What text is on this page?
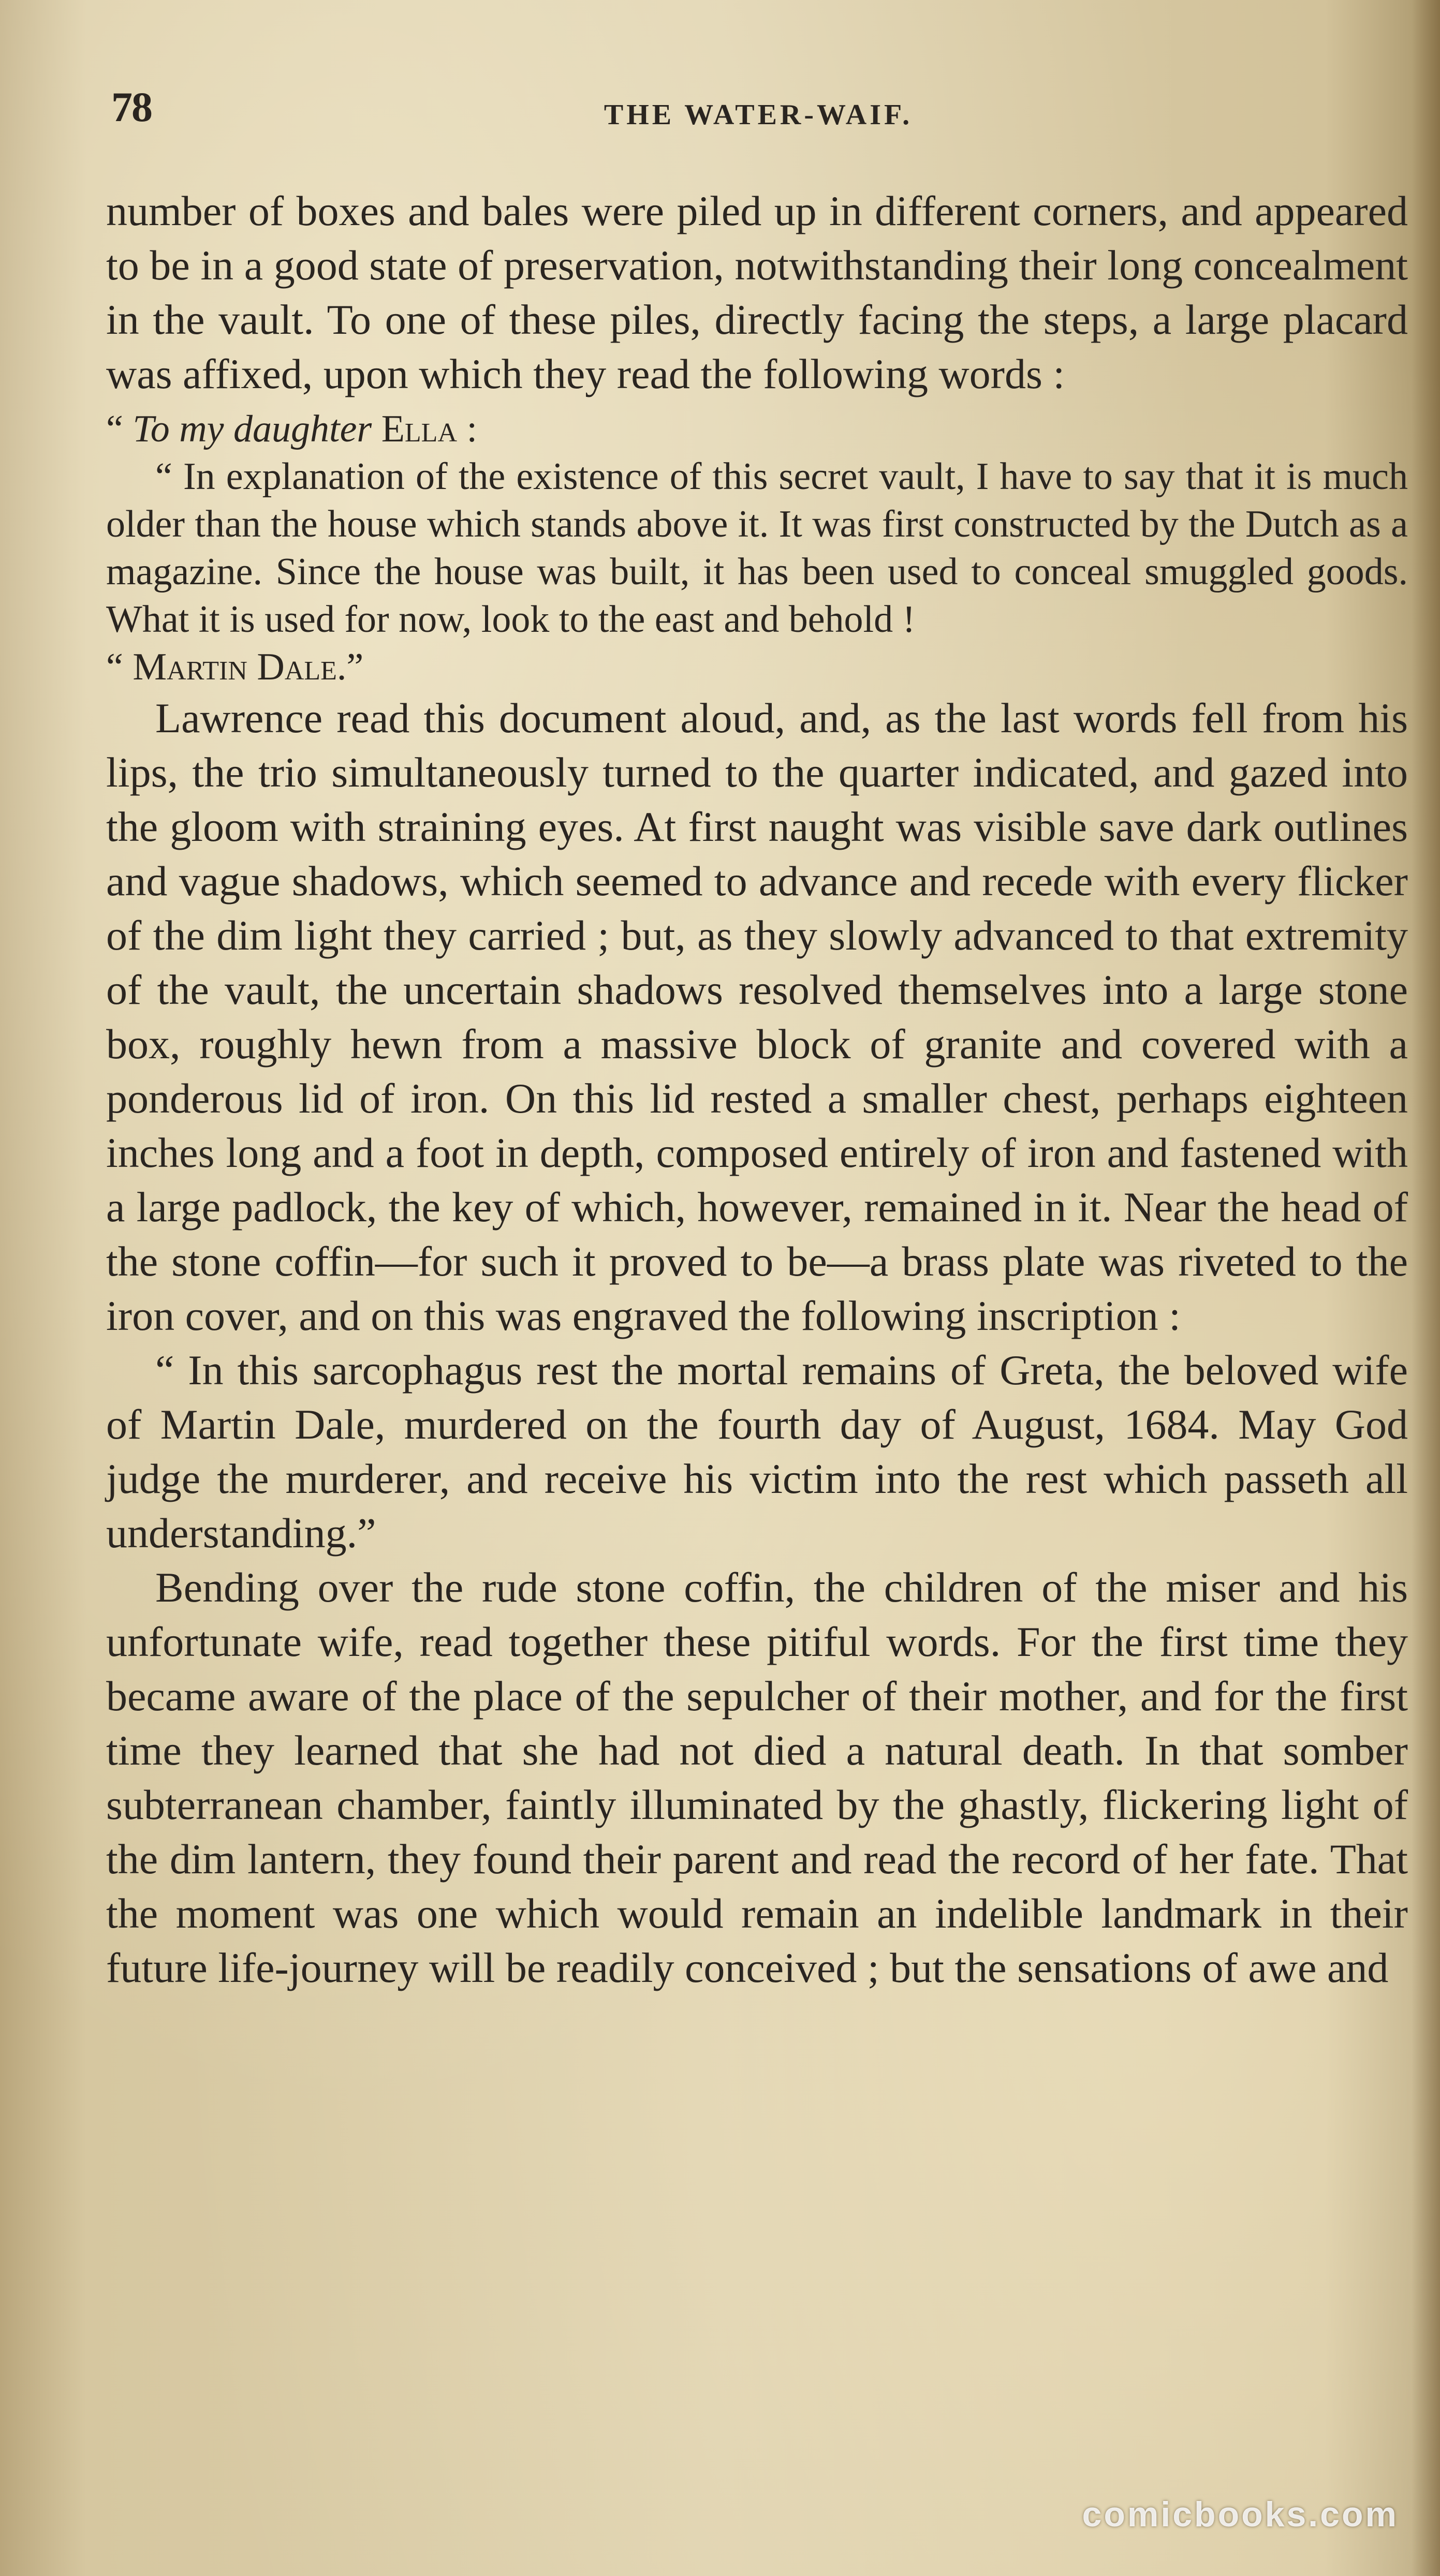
78	THE WATER-WAIF.

number of boxes and bales were piled up in different corners, and appeared to be in a good state of preservation, notwithstanding their long concealment in the vault. To one of these piles, directly facing the steps, a large placard was affixed, upon which they read the following words :

“ To my daughter Ella :

“ In explanation of the existence of this secret vault, I have to say that it is much older than the house which stands above it. It was first constructed by the Dutch as a magazine. Since the house was built, it has been used to conceal smuggled goods. What it is used for now, look to the east and behold !

“ Martin Dale.”

Lawrence read this document aloud, and, as the last words fell from his lips, the trio simultaneously turned to the quarter indicated, and gazed into the gloom with straining eyes. At first naught was visible save dark outlines and vague shadows, which seemed to advance and recede with every flicker of the dim light they carried ; but, as they slowly advanced to that extremity of the vault, the uncertain shadows resolved themselves into a large stone box, roughly hewn from a massive block of granite and covered with a ponderous lid of iron. On this lid rested a smaller chest, perhaps eighteen inches long and a foot in depth, composed entirely of iron and fastened with a large padlock, the key of which, however, remained in it. Near the head of the stone coffin—for such it proved to be—a brass plate was riveted to the iron cover, and on this was engraved the following inscription :

“ In this sarcophagus rest the mortal remains of Greta, the beloved wife of Martin Dale, murdered on the fourth day of August, 1684. May God judge the murderer, and receive his victim into the rest which passeth all understanding.”

Bending over the rude stone coffin, the children of the miser and his unfortunate wife, read together these pitiful words. For the first time they became aware of the place of the sepulcher of their mother, and for the first time they learned that she had not died a natural death. In that somber subterranean chamber, faintly illuminated by the ghastly, flickering light of the dim lantern, they found their parent and read the record of her fate. That the moment was one which would remain an indelible landmark in their future life-journey will be readily conceived ; but the sensations of awe and

comicbooks.com
